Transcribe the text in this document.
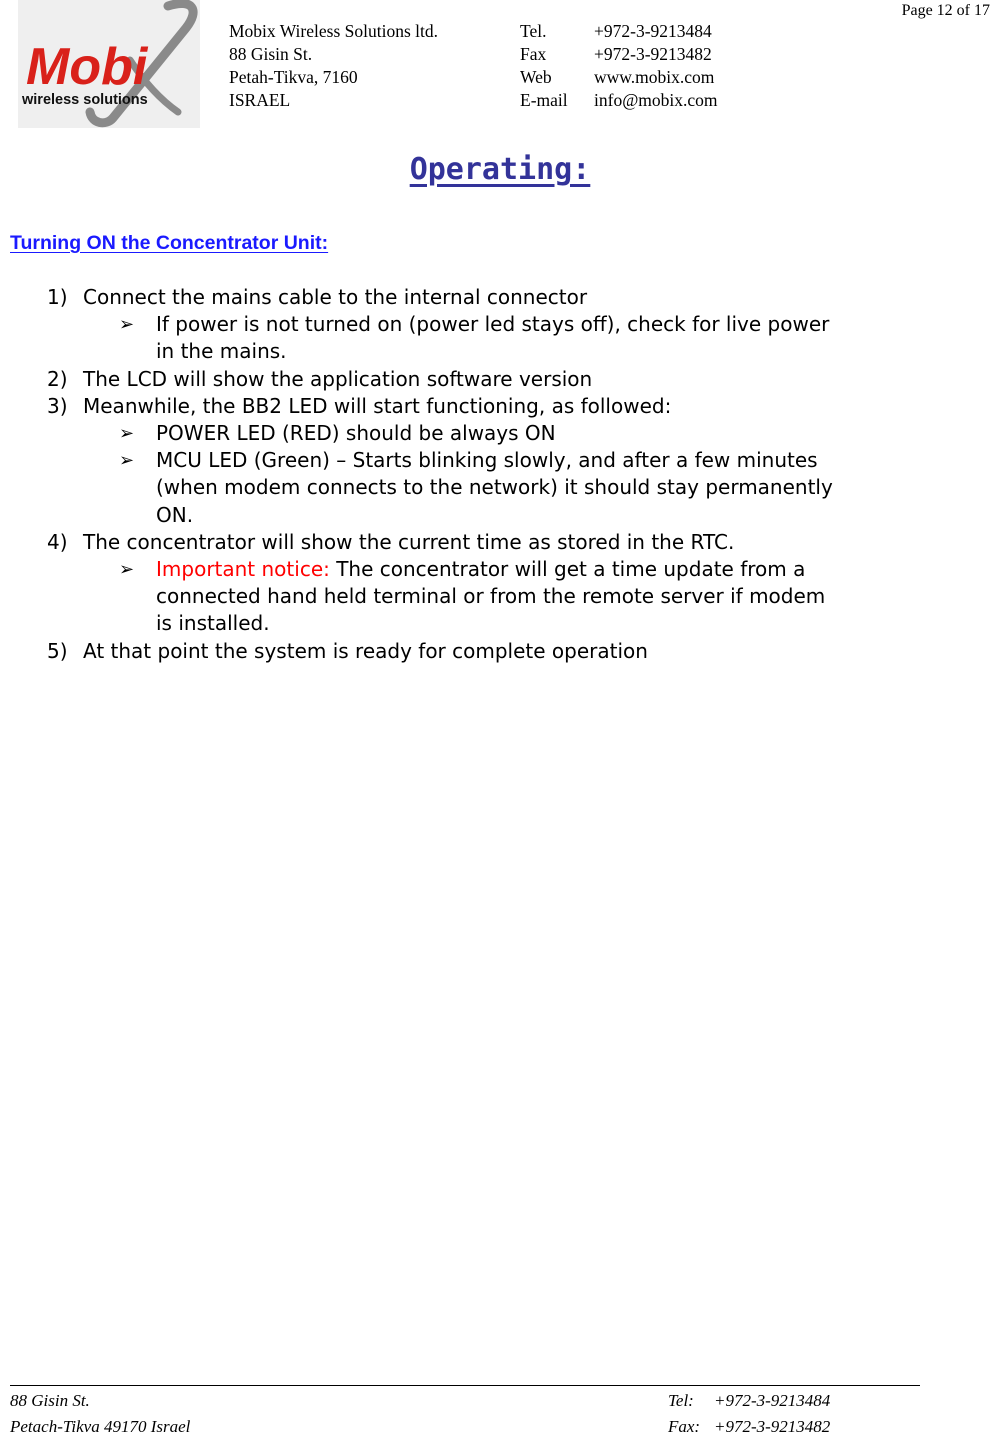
Page 12 of 17
Mobi
wireless solutions
Mobix Wireless Solutions ltd.
88 Gisin St.
Petah-Tikva, 7160
ISRAEL
Tel.	+972-3-9213484
Fax	+972-3-9213482
Web	www.mobix.com
E-mail	info@mobix.com
Operating:
Turning ON the Concentrator Unit:
1) Connect the mains cable to the internal connector
➢ If power is not turned on (power led stays off), check for live power in the mains.
2) The LCD will show the application software version
3) Meanwhile, the BB2 LED will start functioning, as followed:
➢ POWER LED (RED) should be always ON
➢ MCU LED (Green) – Starts blinking slowly, and after a few minutes (when modem connects to the network) it should stay permanently ON.
4) The concentrator will show the current time as stored in the RTC.
➢ Important notice: The concentrator will get a time update from a connected hand held terminal or from the remote server if modem is installed.
5) At that point the system is ready for complete operation
88 Gisin St.
Petach-Tikva 49170 Israel
Tel:	+972-3-9213484
Fax: +972-3-9213482
